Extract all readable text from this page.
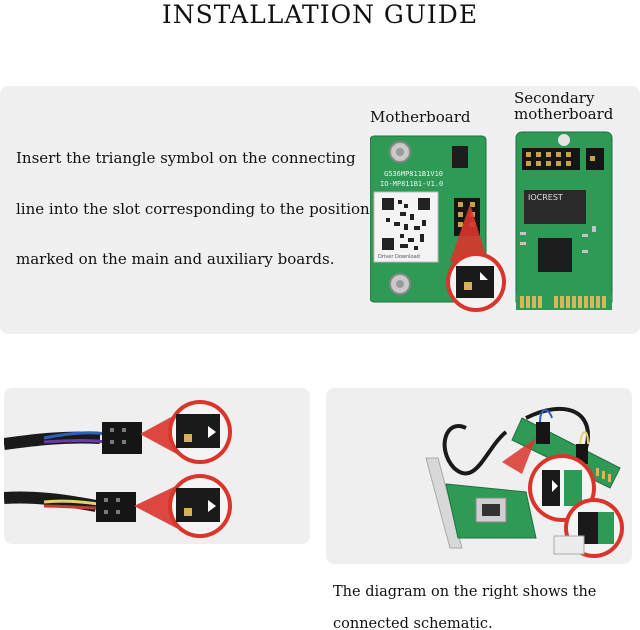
INSTALLATION GUIDE
Insert the triangle symbol on the connecting
line into the slot corresponding to the position
marked on the main and auxiliary boards.
Motherboard
Secondary
motherboard
G536MP811B1V10
IO-MP811B1-V1.0
Driver Download
IOCREST
The diagram on the right shows the
connected schematic.
